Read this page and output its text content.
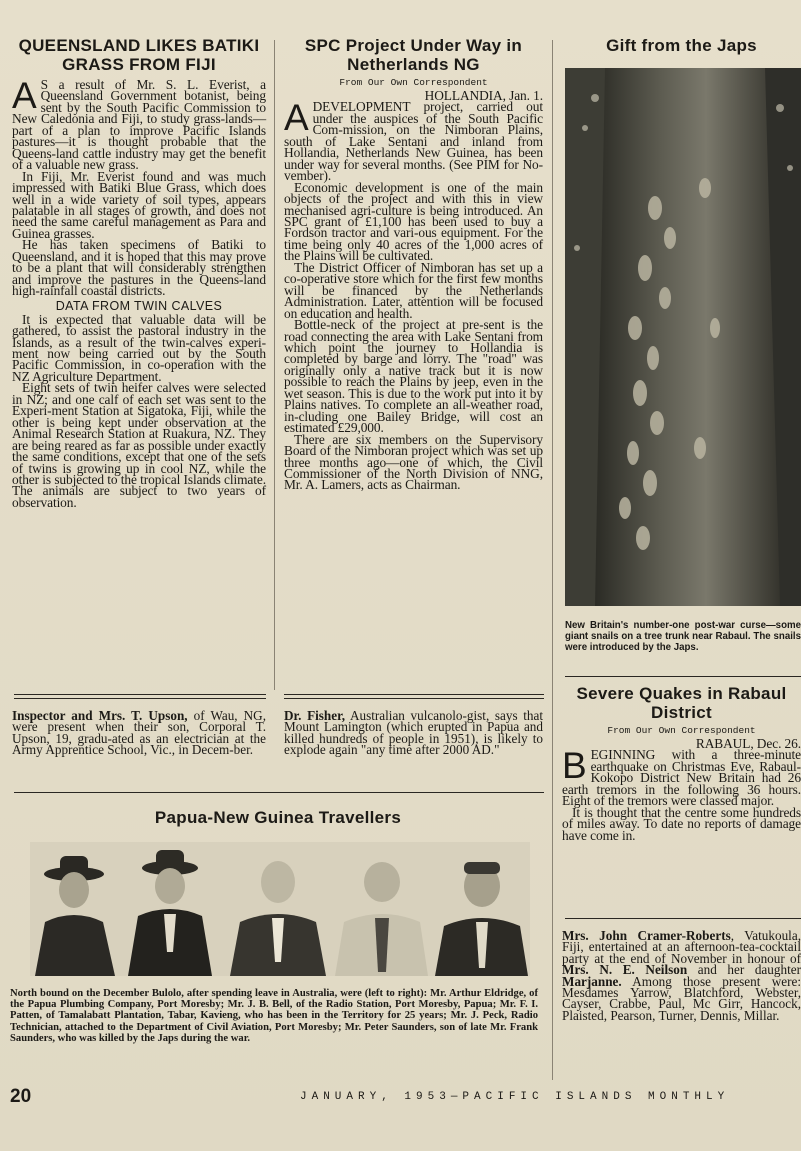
QUEENSLAND LIKES BATIKI
GRASS FROM FIJI

A S a result of Mr. S. L. Everist, a Queensland Government botanist, being sent by the South Pacific Commission to New Caledonia and Fiji, to study grass-lands—part of a plan to improve Pacific Islands pastures—it is thought probable that the Queens-land cattle industry may get the benefit of a valuable new grass.

In Fiji, Mr. Everist found and was much impressed with Batiki Blue Grass, which does well in a wide variety of soil types, appears palatable in all stages of growth, and does not need the same careful management as Para and Guinea grasses.

He has taken specimens of Batiki to Queensland, and it is hoped that this may prove to be a plant that will considerably strengthen and improve the pastures in the Queens-land high-rainfall coastal districts.

DATA FROM TWIN CALVES

It is expected that valuable data will be gathered, to assist the pastoral industry in the Islands, as a result of the twin-calves experi-ment now being carried out by the South Pacific Commission, in co-operation with the NZ Agriculture Department.

Eight sets of twin heifer calves were selected in NZ; and one calf of each set was sent to the Experi-ment Station at Sigatoka, Fiji, while the other is being kept under observation at the Animal Research Station at Ruakura, NZ. They are being reared as far as possible under exactly the same conditions, except that one of the sets of twins is growing up in cool NZ, while the other is subjected to the tropical Islands climate. The animals are subject to two years of observation.

SPC Project Under Way in
Netherlands NG
From Our Own Correspondent

HOLLANDIA, Jan. 1.

ADEVELOPMENT project, carried out under the auspices of the South Pacific Com-mission, on the Nimboran Plains, south of Lake Sentani and inland from Hollandia, Netherlands New Guinea, has been under way for several months. (See PIM for No-vember).

Economic development is one of the main objects of the project and with this in view mechanised agri-culture is being introduced. An SPC grant of £1,100 has been used to buy a Fordson tractor and vari-ous equipment. For the time being only 40 acres of the 1,000 acres of the Plains will be cultivated.

The District Officer of Nimboran has set up a co-operative store which for the first few months will be financed by the Netherlands Administration. Later, attention will be focused on education and health.

Bottle-neck of the project at pre-sent is the road connecting the area with Lake Sentani from which point the journey to Hollandia is completed by barge and lorry. The "road" was originally only a native track but it is now possible to reach the Plains by jeep, even in the wet season. This is due to the work put into it by Plains natives. To complete an all-weather road, in-cluding one Bailey Bridge, will cost an estimated £29,000.

There are six members on the Supervisory Board of the Nimboran project which was set up three months ago—one of which, the Civil Commissioner of the North Division of NNG, Mr. A. Lamers, acts as Chairman.

Gift from the Japs

New Britain's number-one post-war curse—some giant snails on a tree trunk near Rabaul. The snails were introduced by the Japs.

Severe Quakes in Rabaul
District
From Our Own Correspondent

RABAUL, Dec. 26.

BEGINNING with a three-minute earthquake on Christmas Eve, Rabaul-Kokopo District New Britain had 26 earth tremors in the following 36 hours. Eight of the tremors were classed major.

It is thought that the centre some hundreds of miles away. To date no reports of damage have come in.

Mrs. John Cramer-Roberts, Vatukoula, Fiji, entertained at an afternoon-tea-cocktail party at the end of November in honour of Mrs. N. E. Neilson and her daughter Marjanne. Among those present were: Mesdames Yarrow, Blatchford, Webster, Cayser, Crabbe, Paul, Mc Girr, Hancock, Plaisted, Pearson, Turner, Dennis, Millar.

Inspector and Mrs. T. Upson, of Wau, NG, were present when their son, Corporal T. Upson, 19, gradu-ated as an electrician at the Army Apprentice School, Vic., in Decem-ber.

Dr. Fisher, Australian vulcanolo-gist, says that Mount Lamington (which erupted in Papua and killed hundreds of people in 1951), is likely to explode again "any time after 2000 AD."

Papua-New Guinea Travellers

North bound on the December Bulolo, after spending leave in Australia, were (left to right): Mr. Arthur Eldridge, of the Papua Plumbing Company, Port Moresby; Mr. J. B. Bell, of the Radio Station, Port Moresby, Papua; Mr. F. I. Patten, of Tamalabatt Plantation, Tabar, Kavieng, who has been in the Territory for 25 years; Mr. J. Peck, Radio Technician, attached to the Department of Civil Aviation, Port Moresby; Mr. Peter Saunders, son of late Mr. Frank Saunders, who was killed by the Japs during the war.

20	JANUARY, 1953—PACIFIC ISLANDS MONTHLY
